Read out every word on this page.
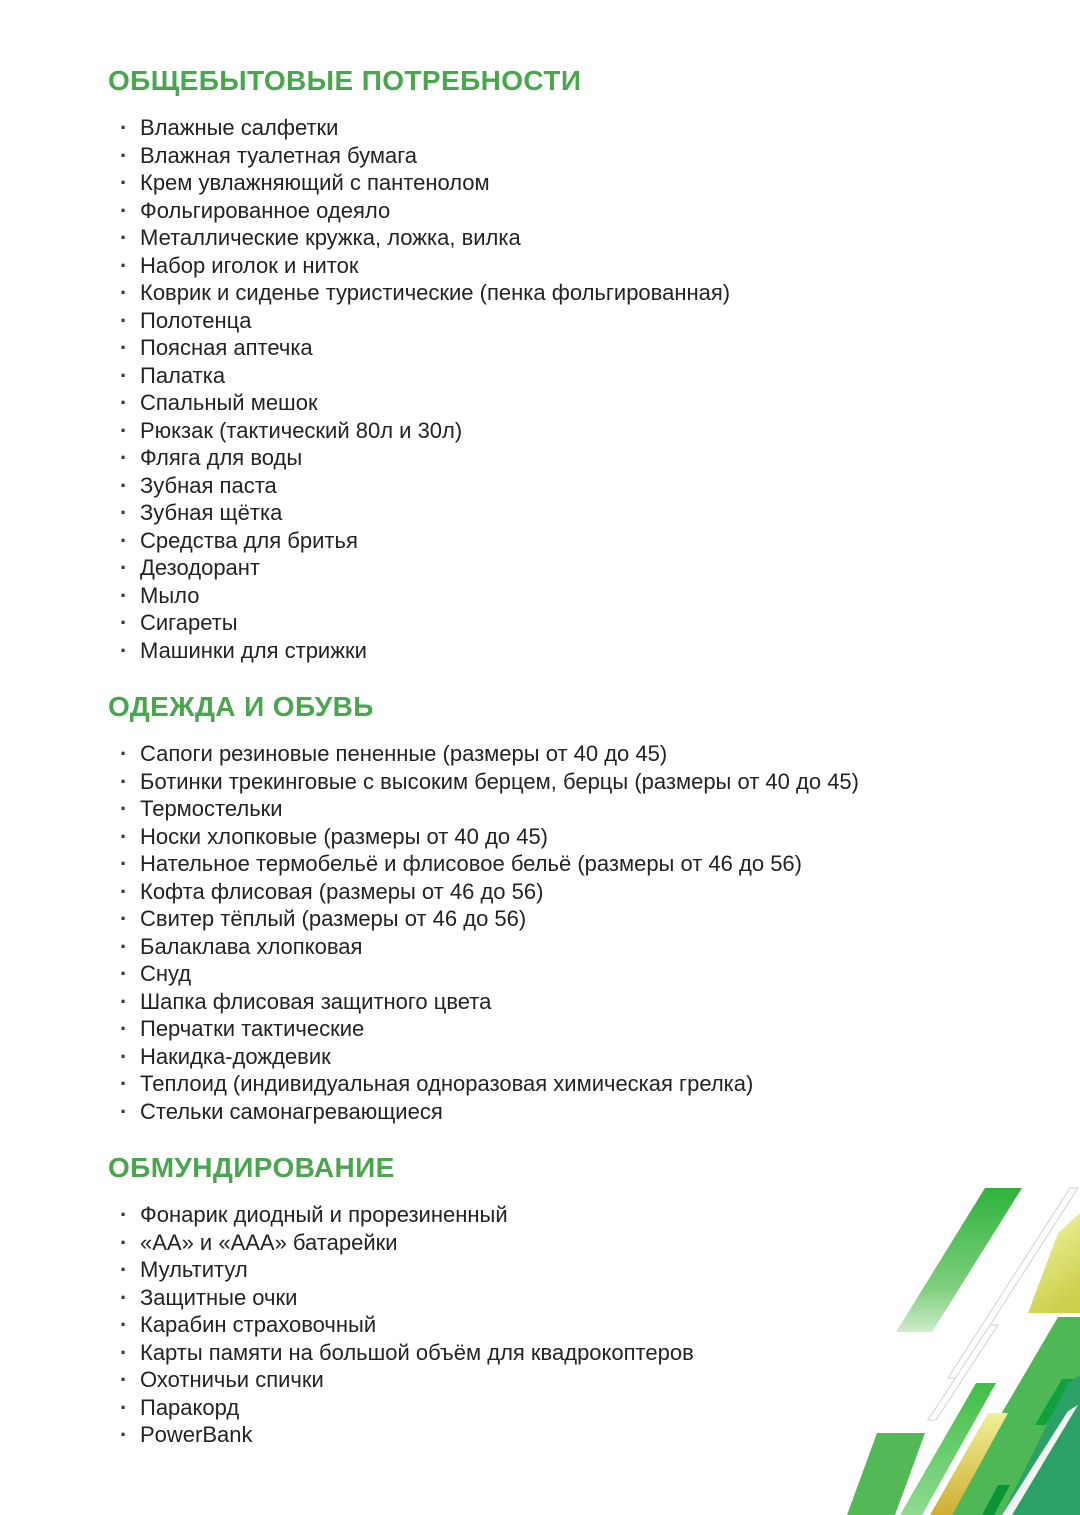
ОБЩЕБЫТОВЫЕ ПОТРЕБНОСТИ
· Влажные салфетки
· Влажная туалетная бумага
· Крем увлажняющий с пантенолом
· Фольгированное одеяло
· Металлические кружка, ложка, вилка
· Набор иголок и ниток
· Коврик и сиденье туристические (пенка фольгированная)
· Полотенца
· Поясная аптечка
· Палатка
· Спальный мешок
· Рюкзак (тактический 80л и 30л)
· Фляга для воды
· Зубная паста
· Зубная щётка
· Средства для бритья
· Дезодорант
· Мыло
· Сигареты
· Машинки для стрижки
ОДЕЖДА И ОБУВЬ
· Сапоги резиновые пененные (размеры от 40 до 45)
· Ботинки трекинговые с высоким берцем, берцы (размеры от 40 до 45)
· Термостельки
· Носки хлопковые (размеры от 40 до 45)
· Нательное термобельё и флисовое бельё (размеры от 46 до 56)
· Кофта флисовая (размеры от 46 до 56)
· Свитер тёплый (размеры от 46 до 56)
· Балаклава хлопковая
· Снуд
· Шапка флисовая защитного цвета
· Перчатки тактические
· Накидка-дождевик
· Теплоид (индивидуальная одноразовая химическая грелка)
· Стельки самонагревающиеся
ОБМУНДИРОВАНИЕ
· Фонарик диодный и прорезиненный
· «АА» и «ААА» батарейки
· Мультитул
· Защитные очки
· Карабин страховочный
· Карты памяти на большой объём для квадрокоптеров
· Охотничьи спички
· Паракорд
· PowerBank
